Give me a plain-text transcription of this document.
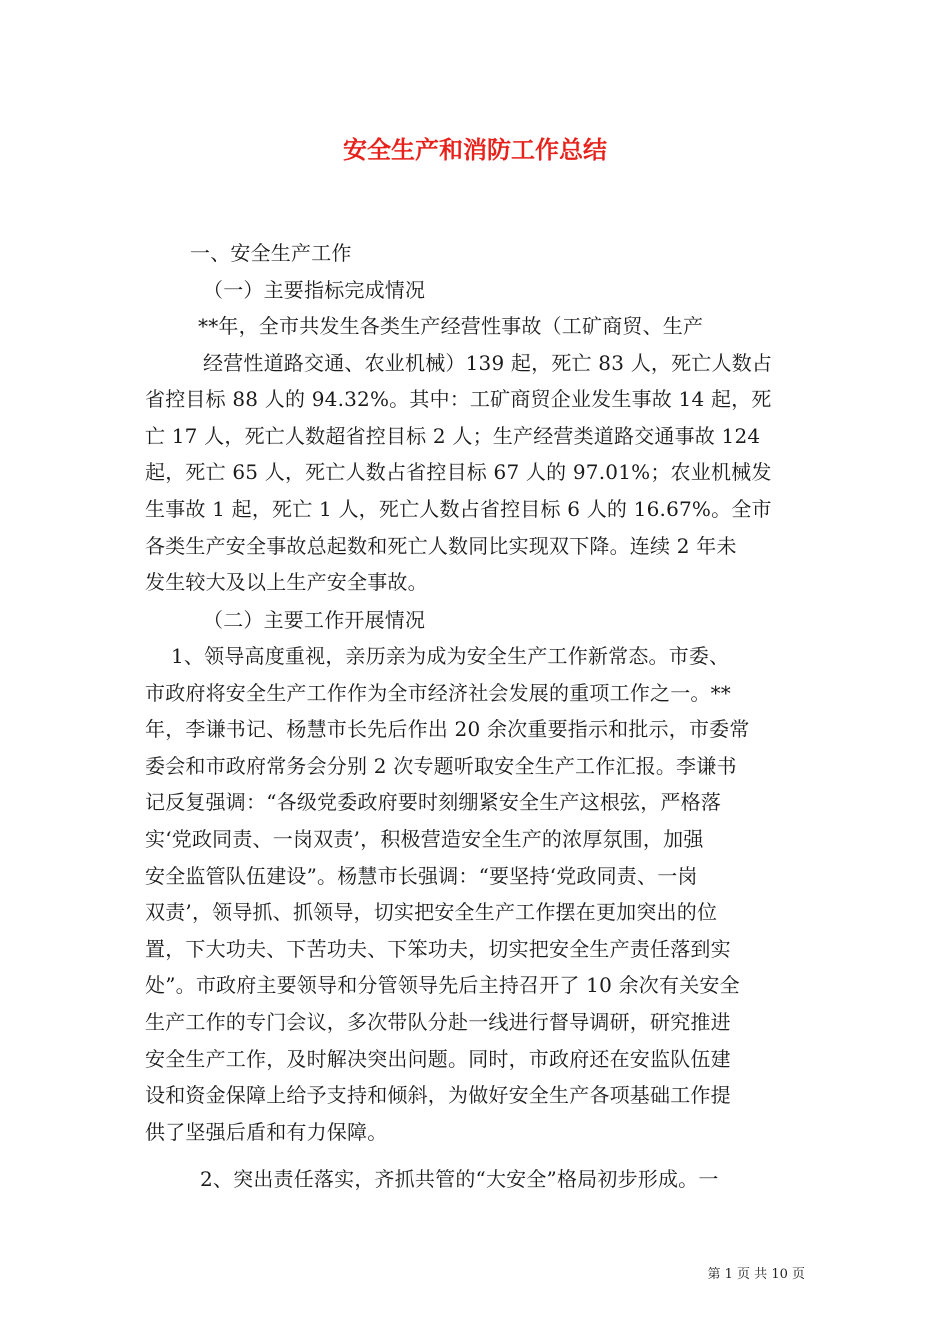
安全生产和消防工作总结
一、安全生产工作
（一）主要指标完成情况
**年，全市共发生各类生产经营性事故（工矿商贸、生产
经营性道路交通、农业机械）139 起，死亡 83 人，死亡人数占
省控目标 88 人的 94.32%。其中：工矿商贸企业发生事故 14 起，死
亡 17 人，死亡人数超省控目标 2 人；生产经营类道路交通事故 124
起，死亡 65 人，死亡人数占省控目标 67 人的 97.01%；农业机械发
生事故 1 起，死亡 1 人，死亡人数占省控目标 6 人的 16.67%。全市
各类生产安全事故总起数和死亡人数同比实现双下降。连续 2 年未
发生较大及以上生产安全事故。
（二）主要工作开展情况
1、领导高度重视，亲历亲为成为安全生产工作新常态。市委、
市政府将安全生产工作作为全市经济社会发展的重项工作之一。**
年，李谦书记、杨慧市长先后作出 20 余次重要指示和批示，市委常
委会和市政府常务会分别 2 次专题听取安全生产工作汇报。李谦书
记反复强调：“各级党委政府要时刻绷紧安全生产这根弦，严格落
实‘党政同责、一岗双责’，积极营造安全生产的浓厚氛围，加强
安全监管队伍建设”。杨慧市长强调：“要坚持‘党政同责、一岗
双责’，领导抓、抓领导，切实把安全生产工作摆在更加突出的位
置，下大功夫、下苦功夫、下笨功夫，切实把安全生产责任落到实
处”。市政府主要领导和分管领导先后主持召开了 10 余次有关安全
生产工作的专门会议，多次带队分赴一线进行督导调研，研究推进
安全生产工作，及时解决突出问题。同时，市政府还在安监队伍建
设和资金保障上给予支持和倾斜，为做好安全生产各项基础工作提
供了坚强后盾和有力保障。
2、突出责任落实，齐抓共管的“大安全”格局初步形成。一
第 1 页 共 10 页
